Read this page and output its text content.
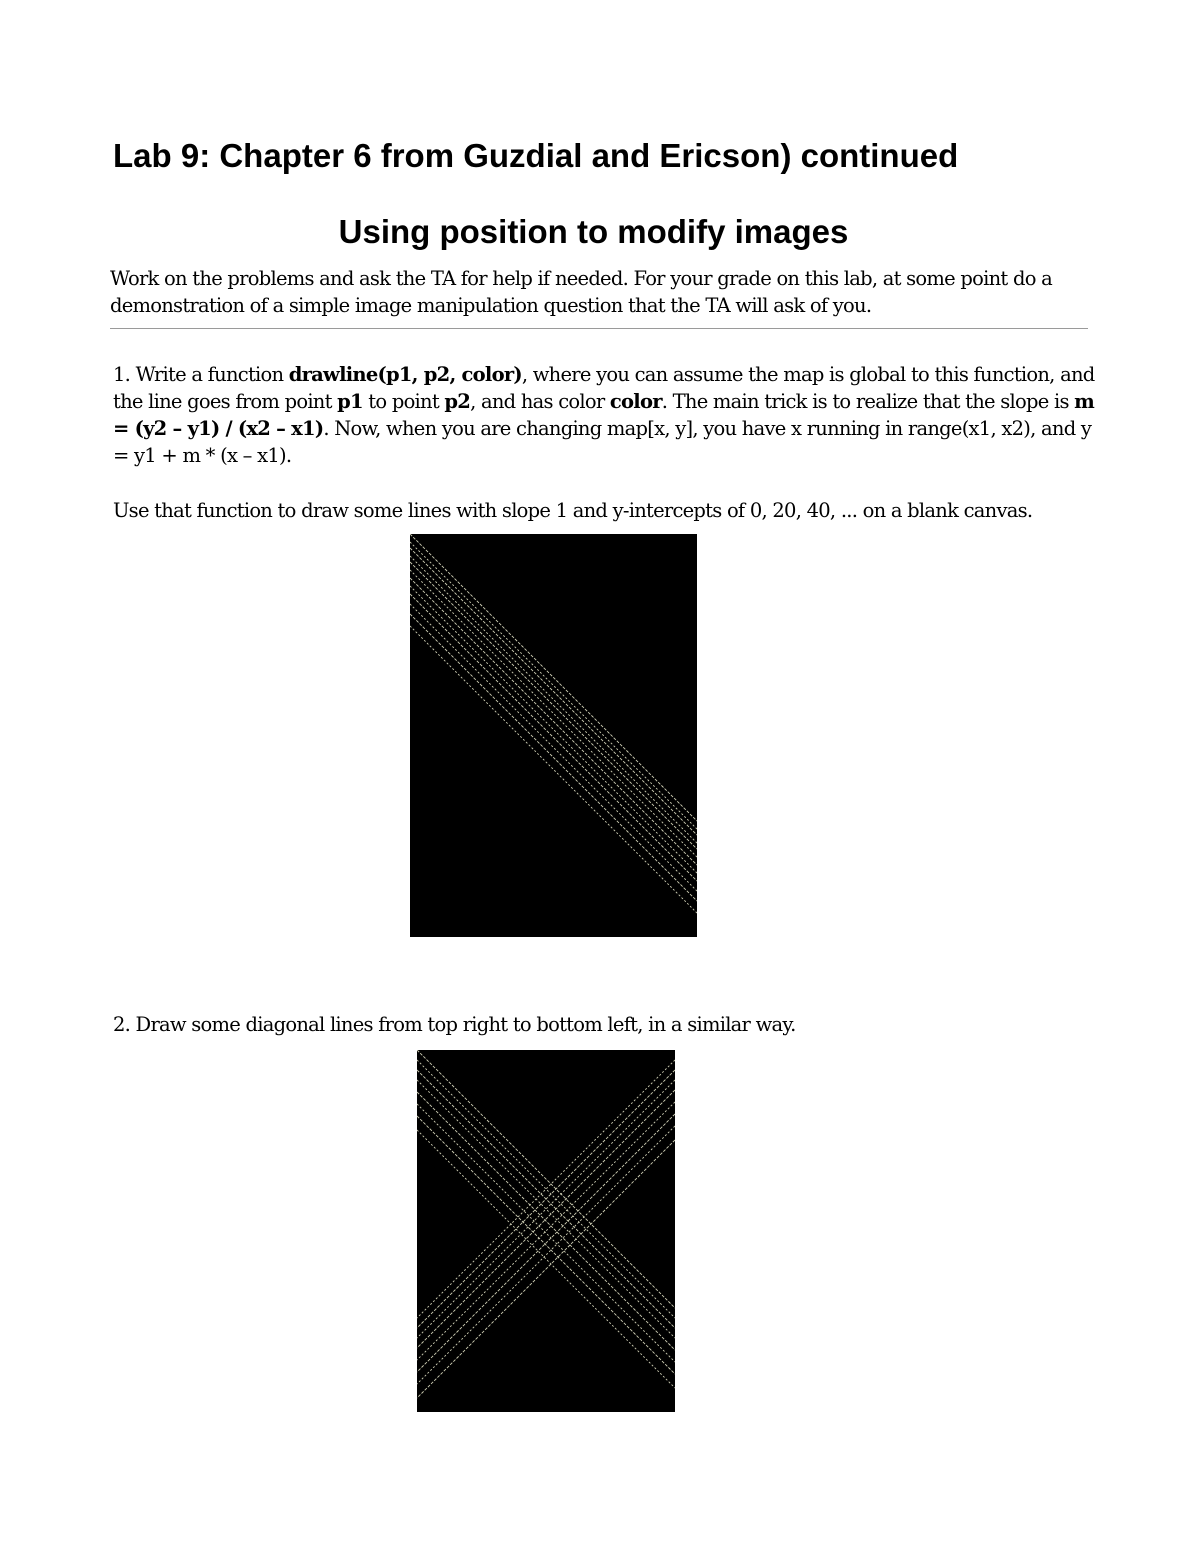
Lab 9: Chapter 6 from Guzdial and Ericson) continued
Using position to modify images

Work on the problems and ask the TA for help if needed. For your grade on this lab, at some point do a demonstration of a simple image manipulation question that the TA will ask of you.

1. Write a function drawline(p1, p2, color), where you can assume the map is global to this function, and the line goes from point p1 to point p2, and has color color. The main trick is to realize that the slope is m = (y2 – y1) / (x2 – x1). Now, when you are changing map[x, y], you have x running in range(x1, x2), and y = y1 + m * (x – x1).

Use that function to draw some lines with slope 1 and y-intercepts of 0, 20, 40, ... on a blank canvas.

2. Draw some diagonal lines from top right to bottom left, in a similar way.
